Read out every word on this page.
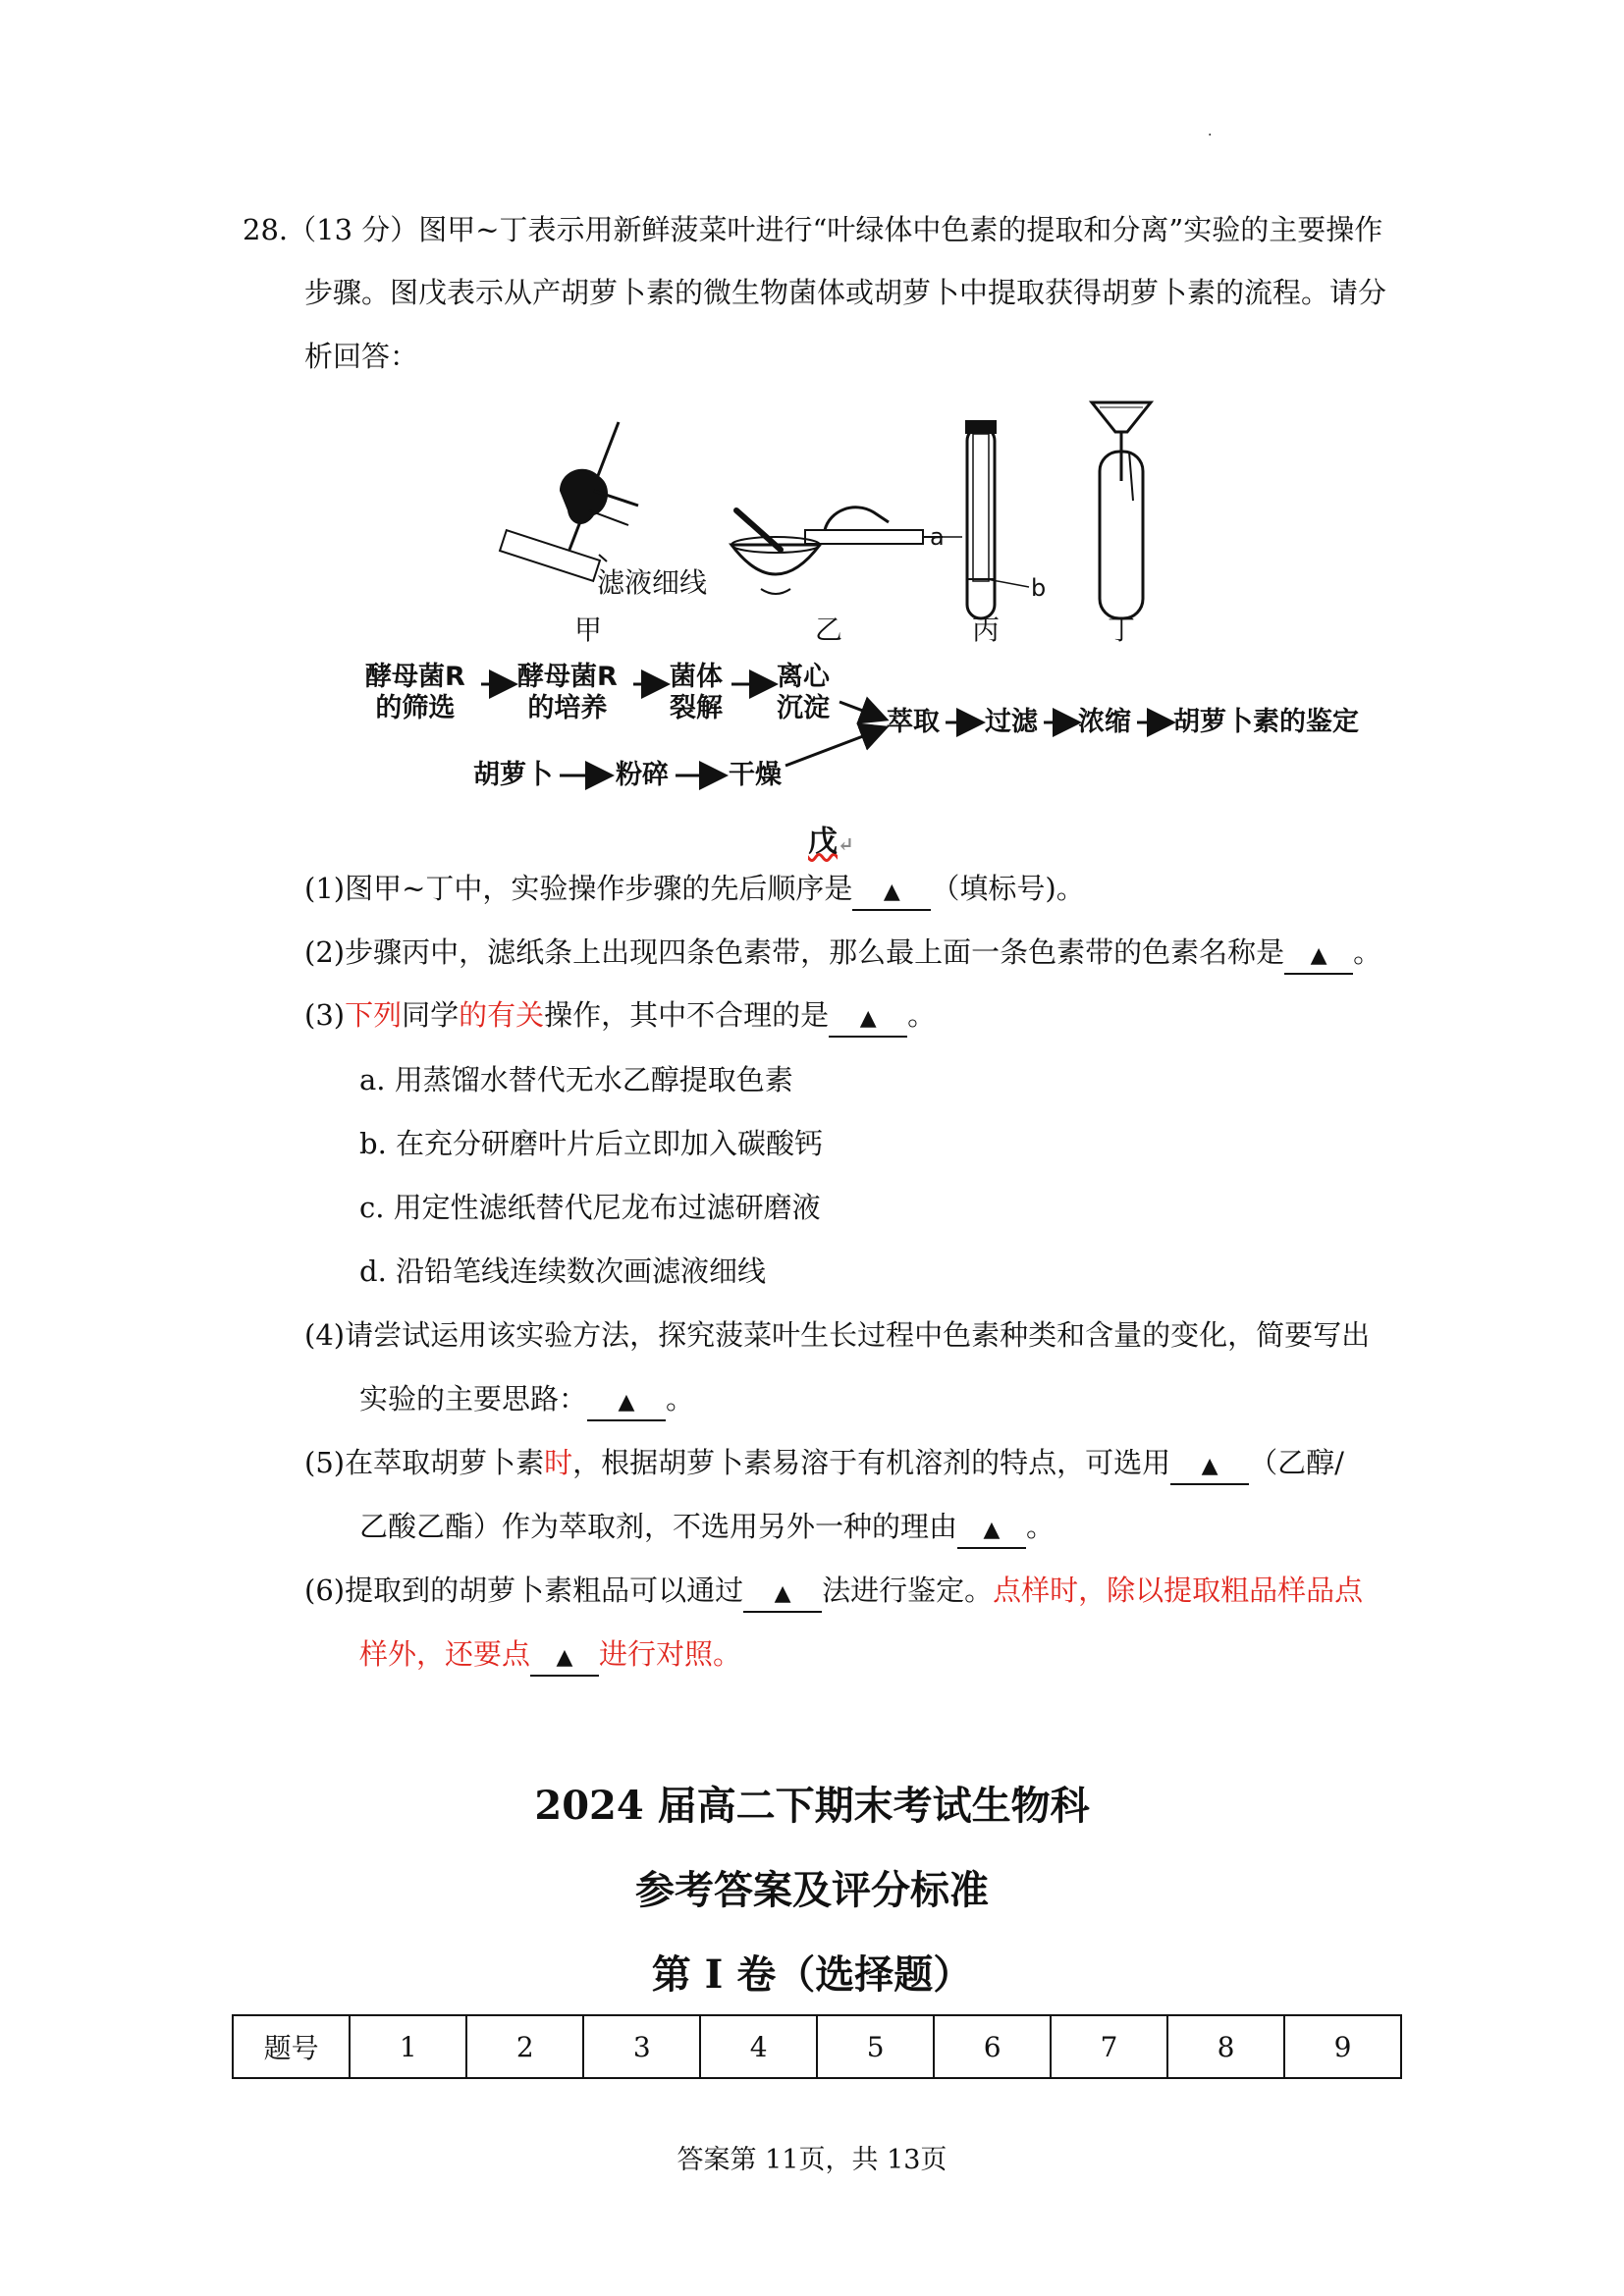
·
28.（13 分）图甲~丁表示用新鲜菠菜叶进行“叶绿体中色素的提取和分离”实验的主要操作
步骤。图戊表示从产胡萝卜素的微生物菌体或胡萝卜中提取获得胡萝卜素的流程。请分
析回答：
滤液细线
a
b
甲	乙	丙	丁
酵母菌R
的筛选
酵母菌R
的培养
菌体
裂解
离心
沉淀 萃取 过滤 浓缩 胡萝卜素的鉴定
胡萝卜 粉碎 干燥
戊↵
(1)图甲~丁中，实验操作步骤的先后顺序是 ▲ （填标号)。
(2)步骤丙中，滤纸条上出现四条色素带，那么最上面一条色素带的色素名称是 ▲ 。
(3)下列同学的有关操作，其中不合理的是 ▲ 。
a. 用蒸馏水替代无水乙醇提取色素
b. 在充分研磨叶片后立即加入碳酸钙
c. 用定性滤纸替代尼龙布过滤研磨液
d. 沿铅笔线连续数次画滤液细线
(4)请尝试运用该实验方法，探究菠菜叶生长过程中色素种类和含量的变化，简要写出
实验的主要思路： ▲ 。
(5)在萃取胡萝卜素时，根据胡萝卜素易溶于有机溶剂的特点，可选用 ▲ （乙醇/
乙酸乙酯）作为萃取剂，不选用另外一种的理由 ▲ 。
(6)提取到的胡萝卜素粗品可以通过 ▲ 法进行鉴定。点样时，除以提取粗品样品点
样外，还要点 ▲ 进行对照。
2024 届高二下期末考试生物科
参考答案及评分标准
第 I 卷（选择题）
题号	1	2	3	4	5	6	7	8	9
答案第 11页，共 13页
